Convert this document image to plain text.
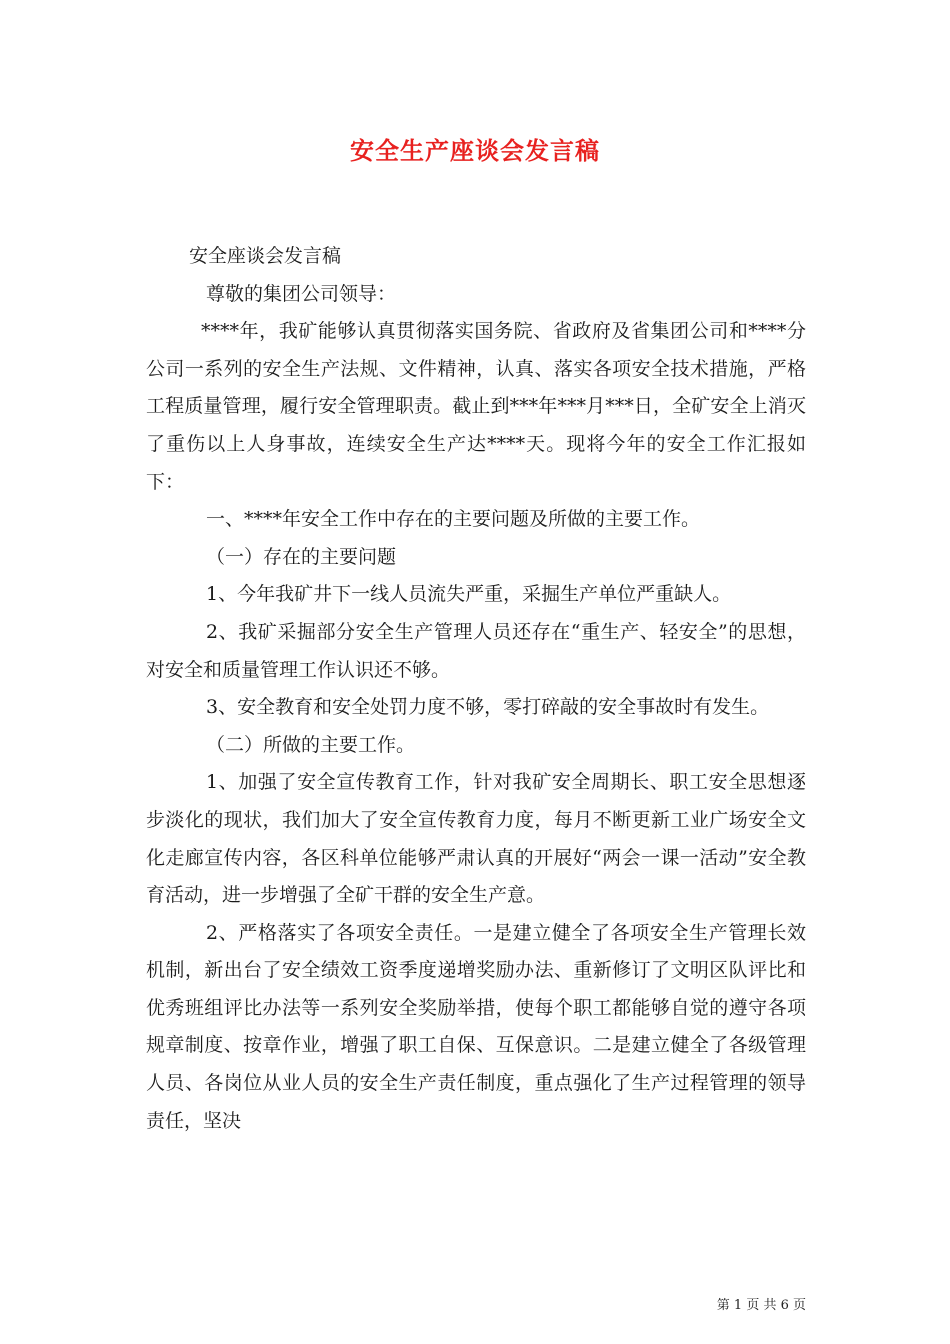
安全生产座谈会发言稿

安全座谈会发言稿

尊敬的集团公司领导：

****年，我矿能够认真贯彻落实国务院、省政府及省集团公司和****分公司一系列的安全生产法规、文件精神，认真、落实各项安全技术措施，严格工程质量管理，履行安全管理职责。截止到***年***月***日，全矿安全上消灭了重伤以上人身事故，连续安全生产达****天。现将今年的安全工作汇报如下：

一、****年安全工作中存在的主要问题及所做的主要工作。

（一）存在的主要问题

1、今年我矿井下一线人员流失严重，采掘生产单位严重缺人。

2、我矿采掘部分安全生产管理人员还存在“重生产、轻安全”的思想，对安全和质量管理工作认识还不够。

3、安全教育和安全处罚力度不够，零打碎敲的安全事故时有发生。

（二）所做的主要工作。

1、加强了安全宣传教育工作，针对我矿安全周期长、职工安全思想逐步淡化的现状，我们加大了安全宣传教育力度，每月不断更新工业广场安全文化走廊宣传内容，各区科单位能够严肃认真的开展好“两会一课一活动”安全教育活动，进一步增强了全矿干群的安全生产意。

2、严格落实了各项安全责任。一是建立健全了各项安全生产管理长效机制，新出台了安全绩效工资季度递增奖励办法、重新修订了文明区队评比和优秀班组评比办法等一系列安全奖励举措，使每个职工都能够自觉的遵守各项规章制度、按章作业，增强了职工自保、互保意识。二是建立健全了各级管理人员、各岗位从业人员的安全生产责任制度，重点强化了生产过程管理的领导责任，坚决

第 1 页 共 6 页
